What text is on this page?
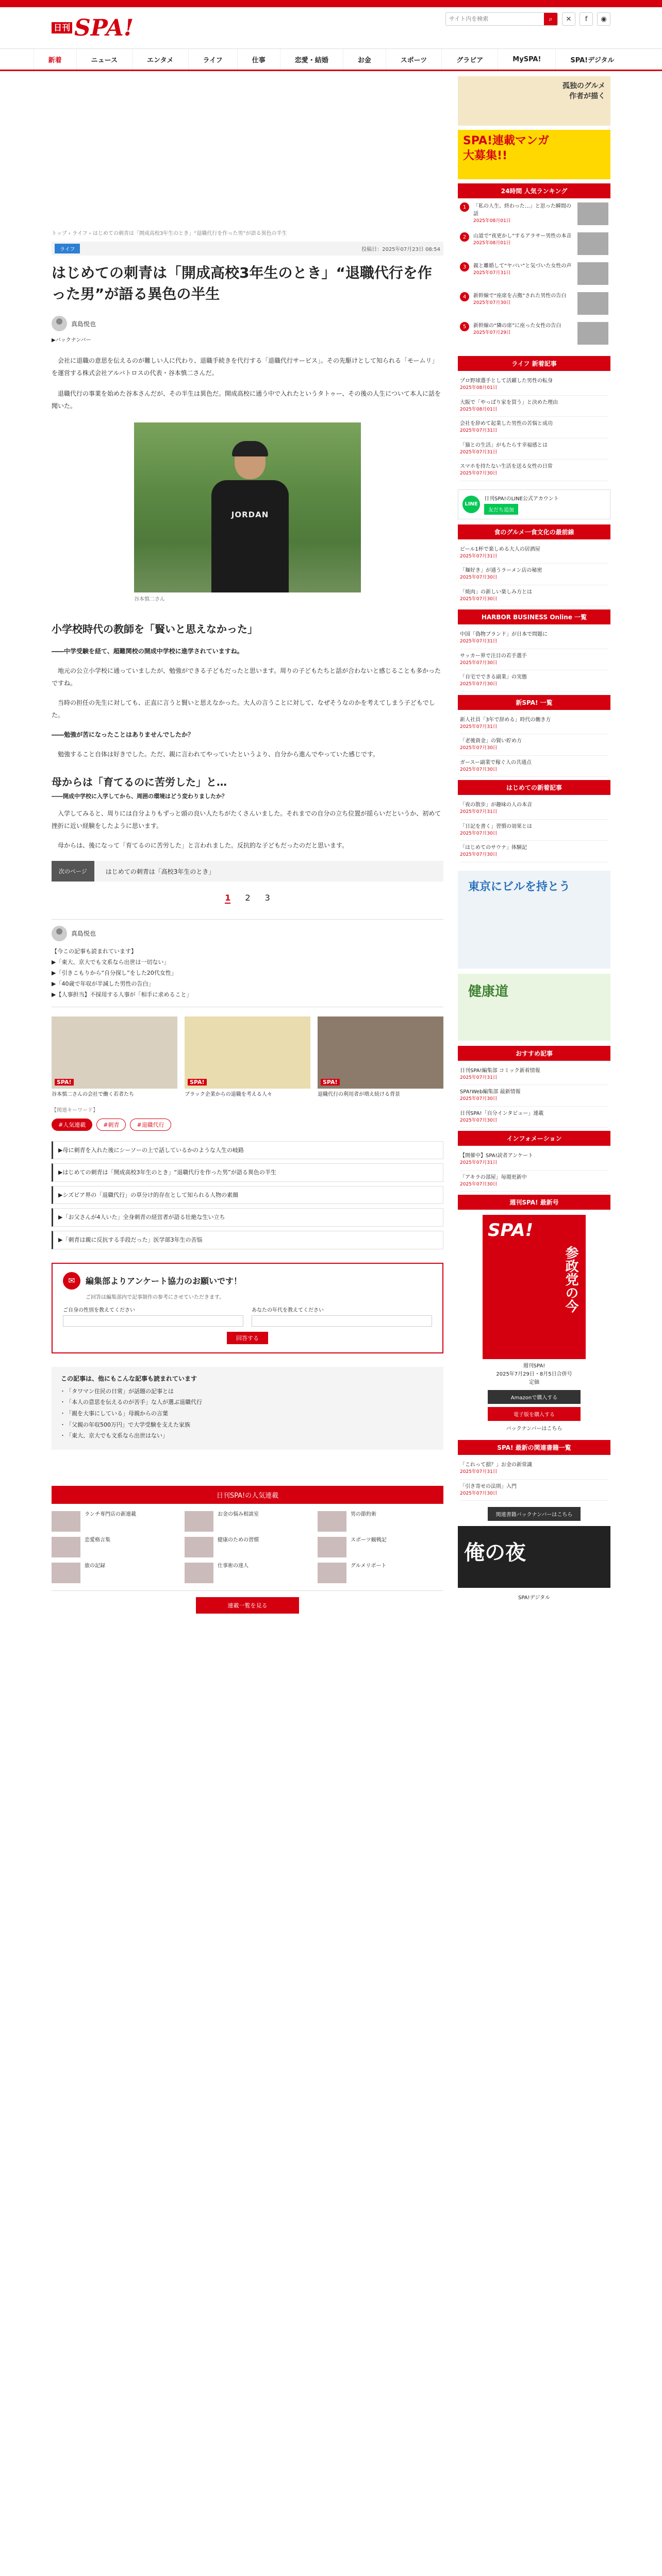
日刊 SPA!
サイト内を検索	⌕	✕	f	◉
新着	ニュース	エンタメ	ライフ	仕事	恋愛・結婚	お金	スポーツ	グラビア	MySPA!	SPA!デジタル
トップ › ライフ › はじめての刺青は「開成高校3年生のとき」“退職代行を作った男”が語る異色の半生
ライフ	投稿日：2025年07月23日 08:54
はじめての刺青は「開成高校3年生のとき」“退職代行を作った男”が語る異色の半生
真島悦也
▶バックナンバー

　会社に退職の意思を伝えるのが難しい人に代わり、退職手続きを代行する「退職代行サービス」。その先駆けとして知られる「モームリ」を運営する株式会社アルバトロスの代表・谷本慎二さんだ。

　退職代行の事業を始めた谷本さんだが、その半生は異色だ。開成高校に通う中で入れたというタトゥー、その後の人生について本人に話を聞いた。

JORDAN
谷本慎二さん
小学校時代の教師を「賢いと思えなかった」

――中学受験を経て、超難関校の開成中学校に進学されていますね。

　地元の公立小学校に通っていましたが、勉強ができる子どもだったと思います。周りの子どもたちと話が合わないと感じることも多かったですね。

　当時の担任の先生に対しても、正直に言うと賢いと思えなかった。大人の言うことに対して、なぜそうなのかを考えてしまう子どもでした。

――勉強が苦になったことはありませんでしたか？

　勉強すること自体は好きでした。ただ、親に言われてやっていたというより、自分から進んでやっていた感じです。

母からは「育てるのに苦労した」と…
――開成中学校に入学してから、周囲の環境はどう変わりましたか？

　入学してみると、周りには自分よりもずっと頭の良い人たちがたくさんいました。それまでの自分の立ち位置が揺らいだというか、初めて挫折に近い経験をしたように思います。

　母からは、後になって「育てるのに苦労した」と言われました。反抗的な子どもだったのだと思います。

次のページ	はじめての刺青は「高校3年生のとき」
1 2 3
真島悦也
【今この記事も読まれています】
▶「東大、京大でも文系なら出世は一切ない」
▶「引きこもりから“自分探し”をした20代女性」
▶「40歳で年収が半減した男性の告白」
▶【人事担当】不採用する人事が「相手に求めること」
SPA!
谷本慎二さんの会社で働く若者たち
SPA!
ブラック企業からの退職を考える人々
SPA!
退職代行の利用者が増え続ける背景
【関連キーワード】
#人気連載	#刺青	#退職代行
▶母に刺青を入れた後にシーソーの上で話しているかのような人生の岐路
▶はじめての刺青は「開成高校3年生のとき」“退職代行を作った男”が語る異色の半生
▶シズビア界の「退職代行」の草分け的存在として知られる人物の素顔
▶「お父さんが4人いた」全身刺青の経営者が語る壮絶な生い立ち
▶「刺青は親に反抗する手段だった」医学部3年生の苦悩
✉	編集部よりアンケート協力のお願いです！
ご回答は編集部内で記事制作の参考にさせていただきます。
ご自身の性別を教えてください	あなたの年代を教えてください
回答する
この記事は、他にもこんな記事も読まれています
・ 「タワマン住民の日常」が話題の記事とは
・ 「本人の意思を伝えるのが苦手」な人が選ぶ退職代行
・ 「親を大事にしている」母親からの言葉
・ 「父親の年収500万円」で大学受験を支えた家族
・ 「東大、京大でも文系なら出世はない」
日刊SPA!の人気連載
ランチ専門店の新連載	お金の悩み相談室	男の節約術
恋愛格言集	健康のための習慣	スポーツ観戦記
旅の記録	仕事術の達人	グルメリポート
連載一覧を見る
孤独のグルメ
作者が描く
SPA!連載マンガ
大募集!!
24時間 人気ランキング
1	「私の人生、終わった…」と思った瞬間の話
2025年08月01日
2	山道で“夜更かし”するアラサー男性の本音
2025年08月01日
3	親と離婚して“ヤバい”と気づいた女性の声
2025年07月31日
4	新幹線で“座席を占拠”された男性の告白
2025年07月30日
5	新幹線の“隣の席”に座った女性の告白
2025年07月29日
ライフ 新着記事
プロ野球選手として活躍した男性の転身
2025年08月01日
大阪で「やっぱり家を買う」と決めた理由
2025年08月01日
会社を辞めて起業した男性の苦悩と成功
2025年07月31日
「猫との生活」がもたらす幸福感とは
2025年07月31日
スマホを持たない生活を送る女性の日常
2025年07月30日
LINE
日刊SPA!のLINE公式アカウント
友だち追加
食のグルメ一食文化の最前線
ビール1杯で楽しめる大人の居酒屋
2025年07月31日
「麺好き」が通うラーメン店の秘密
2025年07月30日
「焼肉」の新しい楽しみ方とは
2025年07月30日
HARBOR BUSINESS Online 一覧
中国「偽物ブランド」が日本で問題に
2025年07月31日
サッカー界で注目の若手選手
2025年07月30日
「自宅でできる副業」の実態
2025年07月30日
新SPA! 一覧
新人社員「3年で辞める」時代の働き方
2025年07月31日
「老後資金」の賢い貯め方
2025年07月30日
ガースー副業で稼ぐ人の共通点
2025年07月30日
はじめての新着記事
「夜の散歩」が趣味の人の本音
2025年07月31日
「日記を書く」習慣の効果とは
2025年07月30日
「はじめてのサウナ」体験記
2025年07月30日
東京にビルを持とう
健康道
おすすめ記事
日刊SPA!編集部 コミック新着情報
2025年07月31日
SPA!Web編集部 最新情報
2025年07月30日
日刊SPA!「自分インタビュー」連載
2025年07月30日
インフォメーション
【開催中】SPA!読者アンケート
2025年07月31日
「アキラの部屋」毎週更新中
2025年07月30日
週刊SPA! 最新号
SPA!
参政党の今
週刊SPA!
2025年7月29日・8月5日合併号
定価
Amazonで購入する
電子版を購入する
バックナンバーはこちら
SPA! 最新の関連書籍一覧
「これって損？」お金の新常識
2025年07月31日
「引き寄せの法則」入門
2025年07月30日
関連書籍バックナンバーはこちら
俺の夜
SPA!デジタル
